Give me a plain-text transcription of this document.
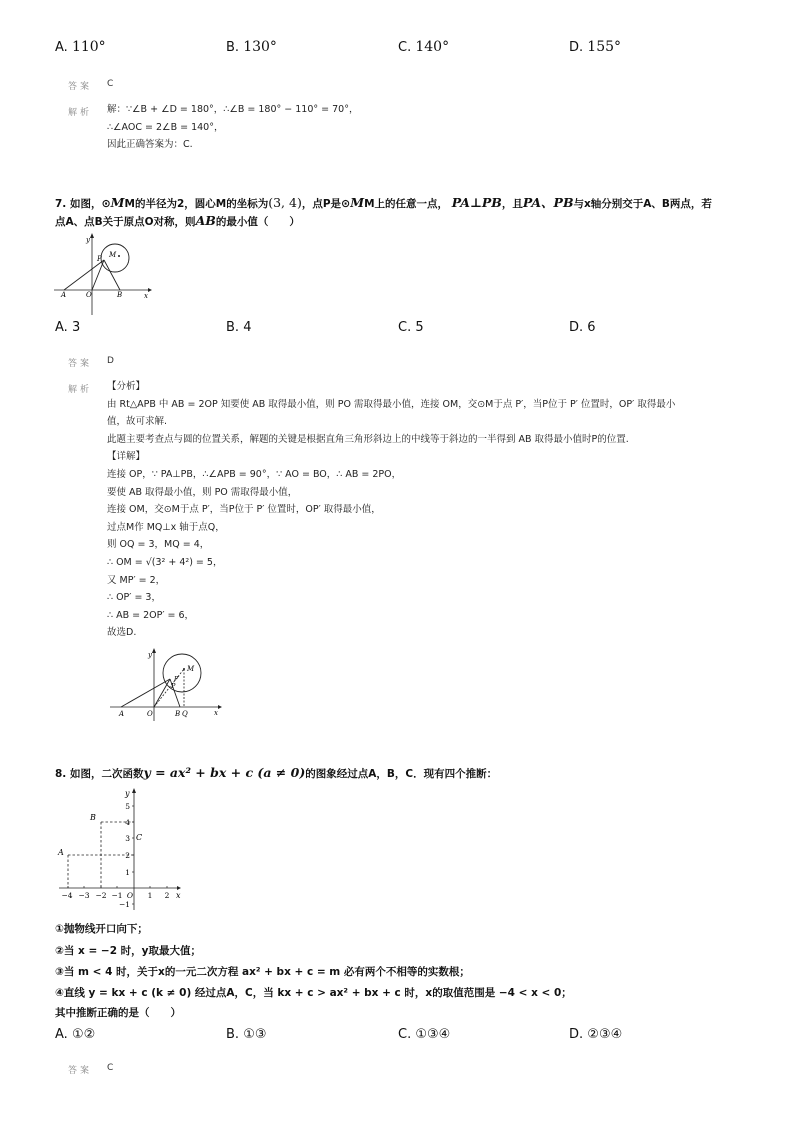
A. 110°	B. 130°	C. 140°	D. 155°
答案 C
解析 解：∵∠B + ∠D = 180°，∴∠B = 180° − 110° = 70°，
∴∠AOC = 2∠B = 140°，
因此正确答案为：C.
7. 如图，⊙MM的半径为2，圆心M的坐标为(3, 4)，点P是⊙MM上的任意一点， PA⊥PB，且PA、PB与x轴分别交于A、B两点，若
点A、点B关于原点O对称，则AB的最小值（　　）
y
x
A	O	B
P M
A. 3	B. 4	C. 5	D. 6
答案 D
解析 【分析】
由 Rt△APB 中 AB = 2OP 知要使 AB 取得最小值，则 PO 需取得最小值，连接 OM，交⊙M于点 P′，当P位于 P′ 位置时，OP′ 取得最小
值，故可求解.
此题主要考查点与圆的位置关系，解题的关键是根据直角三角形斜边上的中线等于斜边的一半得到 AB 取得最小值时P的位置.
【详解】
连接 OP，∵ PA⊥PB，∴∠APB = 90°，∵ AO = BO，∴ AB = 2PO，
要使 AB 取得最小值，则 PO 需取得最小值，
连接 OM，交⊙M于点 P′，当P位于 P′ 位置时，OP′ 取得最小值，
过点M作 MQ⊥x 轴于点Q，
则 OQ = 3，MQ = 4，
∴ OM = √(3² + 4²) = 5，
又 MP′ = 2，
∴ OP′ = 3，
∴ AB = 2OP′ = 6，
故选D.
y
x
A	O	B Q
P
P′
M
8. 如图，二次函数y = ax² + bx + c (a ≠ 0)的图象经过点A，B，C．现有四个推断：
y
x
B
A
C
5
4
3
2
1
−1
−4 −3 −2 −1 O 1 2
①抛物线开口向下；
②当 x = −2 时，y取最大值；
③当 m < 4 时，关于x的一元二次方程 ax² + bx + c = m 必有两个不相等的实数根；
④直线 y = kx + c (k ≠ 0) 经过点A，C，当 kx + c > ax² + bx + c 时，x的取值范围是 −4 < x < 0；
其中推断正确的是（　　）
A. ①②	B. ①③	C. ①③④	D. ②③④
答案 C
